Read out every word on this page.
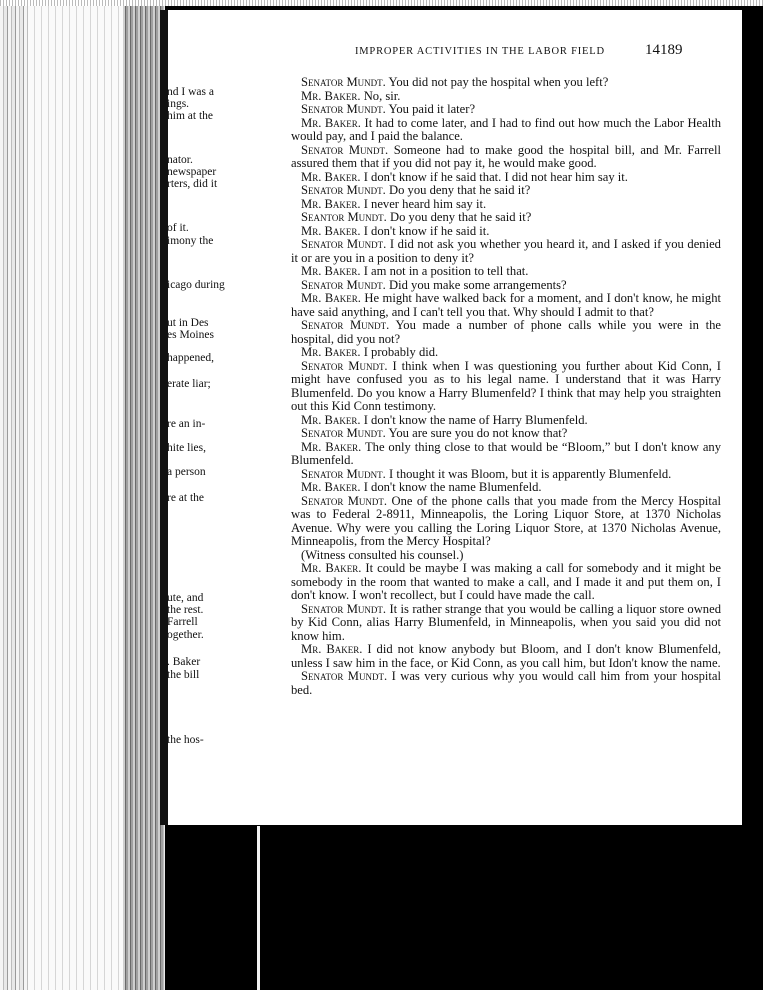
nd I was a
ings.
him at the
nator.
newspaper
rters, did it
of it.
imony the
icago during
ut in Des
es Moines
happened,
erate liar;
re an in-
hite lies,
a person
re at the
ute, and
the rest.
Farrell
ogether.
. Baker
the bill
the hos-
IMPROPER ACTIVITIES IN THE LABOR FIELD	14189

Senator Mundt. You did not pay the hospital when you left?

Mr. Baker. No, sir.

Senator Mundt. You paid it later?

Mr. Baker. It had to come later, and I had to find out how much the Labor Health would pay, and I paid the balance.

Senator Mundt. Someone had to make good the hospital bill, and Mr. Farrell assured them that if you did not pay it, he would make good.

Mr. Baker. I don't know if he said that. I did not hear him say it.

Senator Mundt. Do you deny that he said it?

Mr. Baker. I never heard him say it.

Seantor Mundt. Do you deny that he said it?

Mr. Baker. I don't know if he said it.

Senator Mundt. I did not ask you whether you heard it, and I asked if you denied it or are you in a position to deny it?

Mr. Baker. I am not in a position to tell that.

Senator Mundt. Did you make some arrangements?

Mr. Baker. He might have walked back for a moment, and I don't know, he might have said anything, and I can't tell you that. Why should I admit to that?

Senator Mundt. You made a number of phone calls while you were in the hospital, did you not?

Mr. Baker. I probably did.

Senator Mundt. I think when I was questioning you further about Kid Conn, I might have confused you as to his legal name. I understand that it was Harry Blumenfeld. Do you know a Harry Blumenfeld? I think that may help you straighten out this Kid Conn testimony.

Mr. Baker. I don't know the name of Harry Blumenfeld.

Senator Mundt. You are sure you do not know that?

Mr. Baker. The only thing close to that would be “Bloom,” but I don't know any Blumenfeld.

Senator Mudnt. I thought it was Bloom, but it is apparently Blumenfeld.

Mr. Baker. I don't know the name Blumenfeld.

Senator Mundt. One of the phone calls that you made from the Mercy Hospital was to Federal 2-8911, Minneapolis, the Loring Liquor Store, at 1370 Nicholas Avenue. Why were you calling the Loring Liquor Store, at 1370 Nicholas Avenue, Minneapolis, from the Mercy Hospital?

(Witness consulted his counsel.)

Mr. Baker. It could be maybe I was making a call for somebody and it might be somebody in the room that wanted to make a call, and I made it and put them on, I don't know. I won't recollect, but I could have made the call.

Senator Mundt. It is rather strange that you would be calling a liquor store owned by Kid Conn, alias Harry Blumenfeld, in Minneapolis, when you said you did not know him.

Mr. Baker. I did not know anybody but Bloom, and I don't know Blumenfeld, unless I saw him in the face, or Kid Conn, as you call him, but Idon't know the name.

Senator Mundt. I was very curious why you would call him from your hospital bed.
